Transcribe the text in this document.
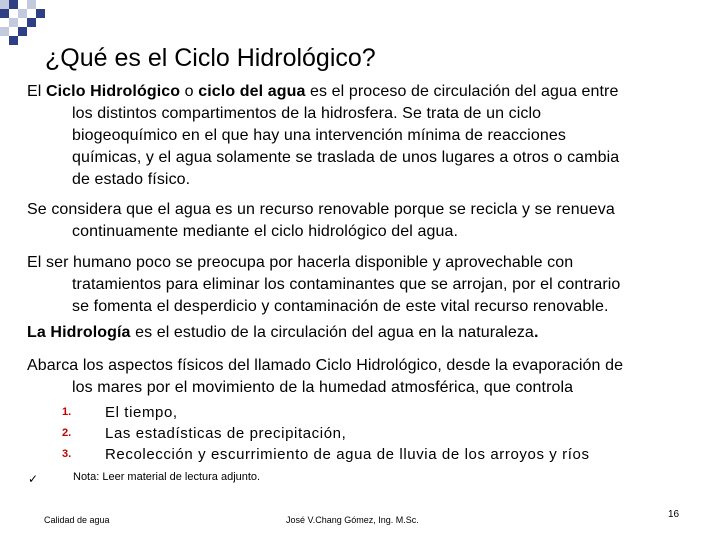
¿Qué es el Ciclo Hidrológico?
El Ciclo Hidrológico o ciclo del agua es el proceso de circulación del agua entre
los distintos compartimentos de la hidrosfera. Se trata de un ciclo
biogeoquímico en el que hay una intervención mínima de reacciones
químicas, y el agua solamente se traslada de unos lugares a otros o cambia
de estado físico.
Se considera que el agua es un recurso renovable porque se recicla y se renueva
continuamente mediante el ciclo hidrológico del agua.
El ser humano poco se preocupa por hacerla disponible y aprovechable con
tratamientos para eliminar los contaminantes que se arrojan, por el contrario
se fomenta el desperdicio y contaminación de este vital recurso renovable.
La Hidrología es el estudio de la circulación del agua en la naturaleza.
Abarca los aspectos físicos del llamado Ciclo Hidrológico, desde la evaporación de
los mares por el movimiento de la humedad atmosférica, que controla
1.	El tiempo,
2.	Las estadísticas de precipitación,
3.	Recolección y escurrimiento de agua de lluvia de los arroyos y ríos
✓	Nota: Leer material de lectura adjunto.
Calidad de agua	José V.Chang Gómez, Ing. M.Sc.	16
